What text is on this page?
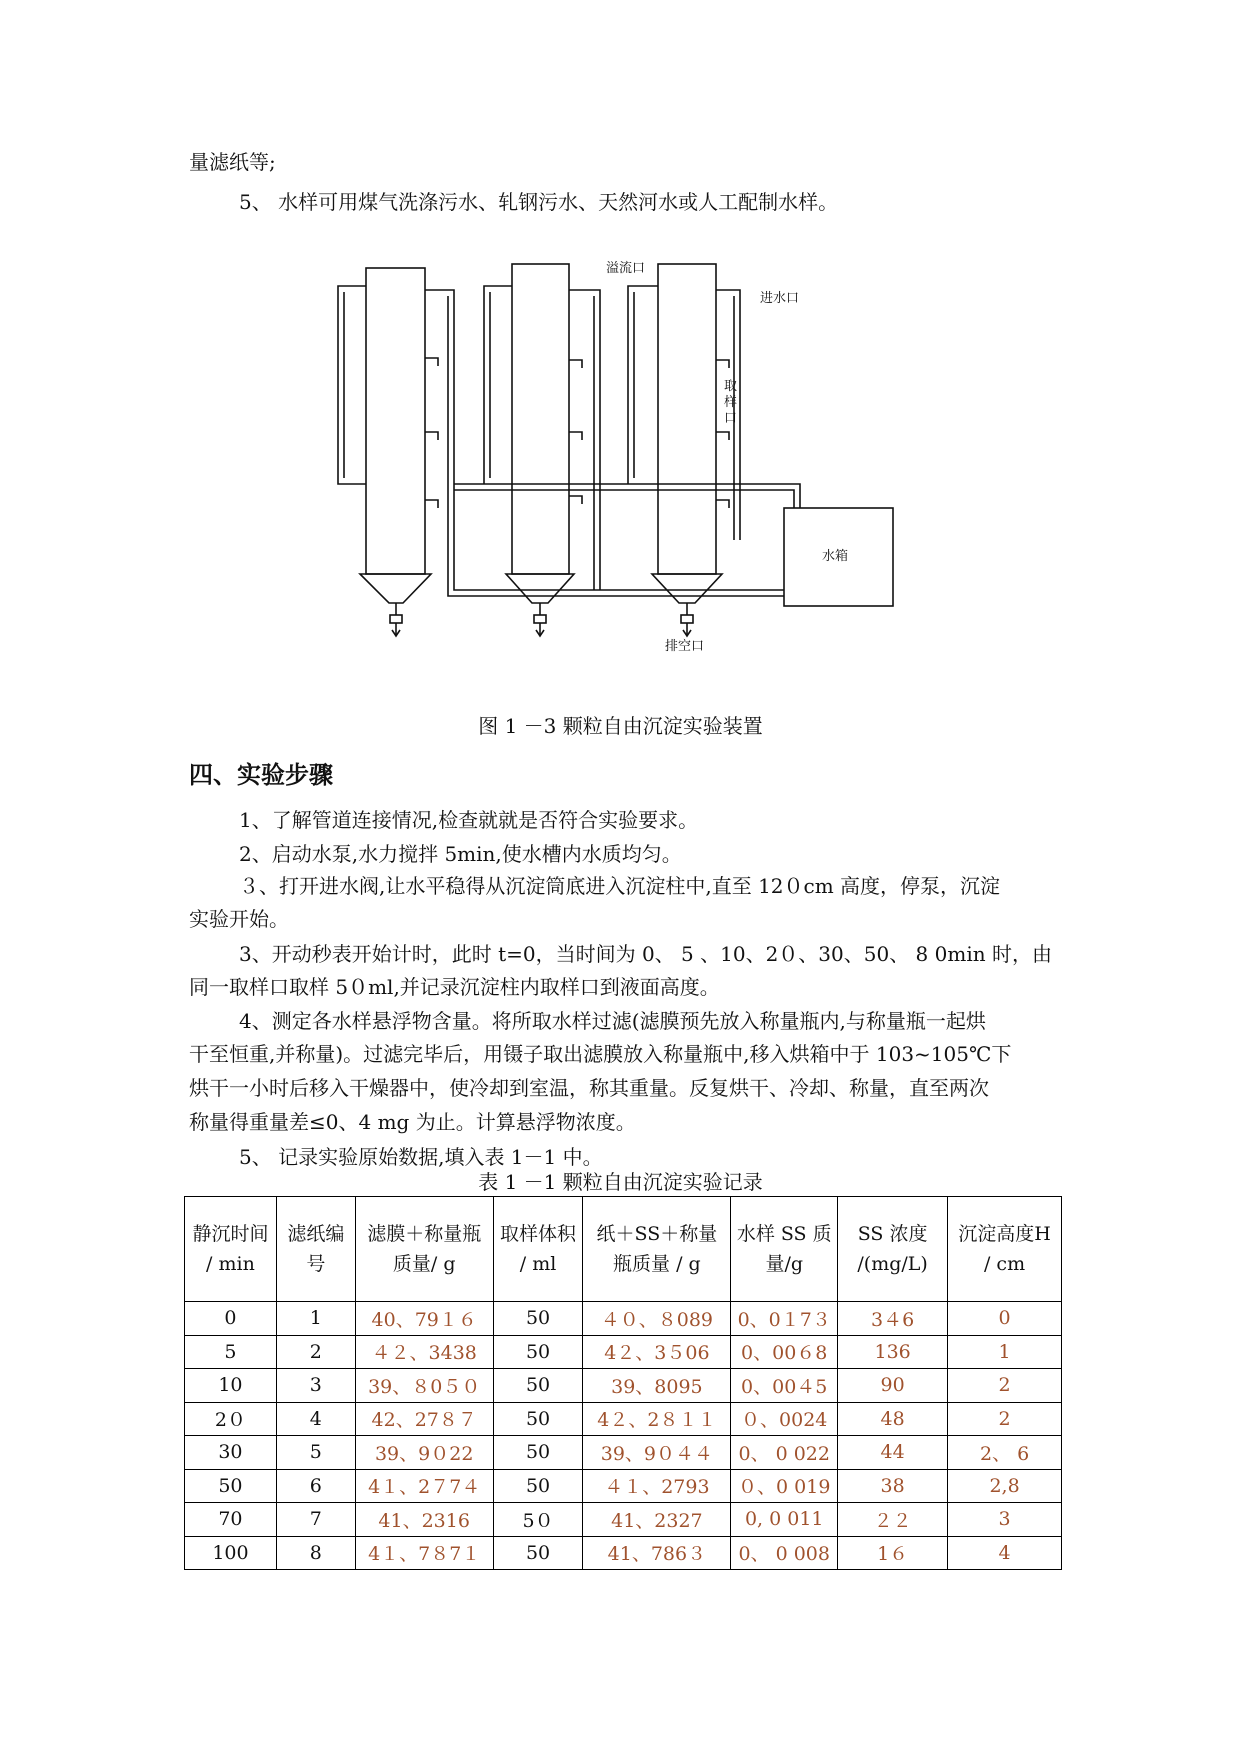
量滤纸等;
5、 水样可用煤气洗涤污水、轧钢污水、天然河水或人工配制水样。
溢流口
进水口
取
样
口
水箱
排空口
图 1 －3 颗粒自由沉淀实验装置
四、实验步骤
1、了解管道连接情况,检查就就是否符合实验要求。
2、启动水泵,水力搅拌 5min,使水槽内水质均匀。
３、打开进水阀,让水平稳得从沉淀筒底进入沉淀柱中,直至 12０cm 高度，停泵，沉淀
实验开始。
3、开动秒表开始计时，此时 t=0，当时间为 0、 5 、10、2０、30、50、 8 0min 时，由
同一取样口取样 5０ml,并记录沉淀柱内取样口到液面高度。
4、测定各水样悬浮物含量。将所取水样过滤(滤膜预先放入称量瓶内,与称量瓶一起烘
干至恒重,并称量)。过滤完毕后，用镊子取出滤膜放入称量瓶中,移入烘箱中于 103~105℃下
烘干一小时后移入干燥器中，使冷却到室温，称其重量。反复烘干、冷却、称量，直至两次
称量得重量差≤0、4 mg 为止。计算悬浮物浓度。
5、 记录实验原始数据,填入表 1－1 中。
表 1 －1 颗粒自由沉淀实验记录
静沉时间 / min	滤纸编号	滤膜＋称量瓶质量/ g	取样体积 / ml	纸＋SS＋称量瓶质量 / g	水样 SS 质量/g	SS 浓度 /(mg/L)	沉淀高度H / cm
0	1	40、79１６	50	４０、８089	0、0１7３	3４6	0
5	2	４２、3438	50	4２、3５06	0、00６8	136	1
10	3	39、８0５０	50	39、8095	0、00４5	90	2
2０	4	42、27８７	50	4２、2８１１	０、0024	48	2
30	5	39、9０22	50	39、9０４４	0、 0 022	44	2、 6
50	6	4１、2７7４	50	４１、2793	０、0 019	38	2,8
70	7	41、2316	5０	41、2327	0, 0 011	２２	3
100	8	4１、7８7１	50	41、786３	0、 0 008	1６	4
